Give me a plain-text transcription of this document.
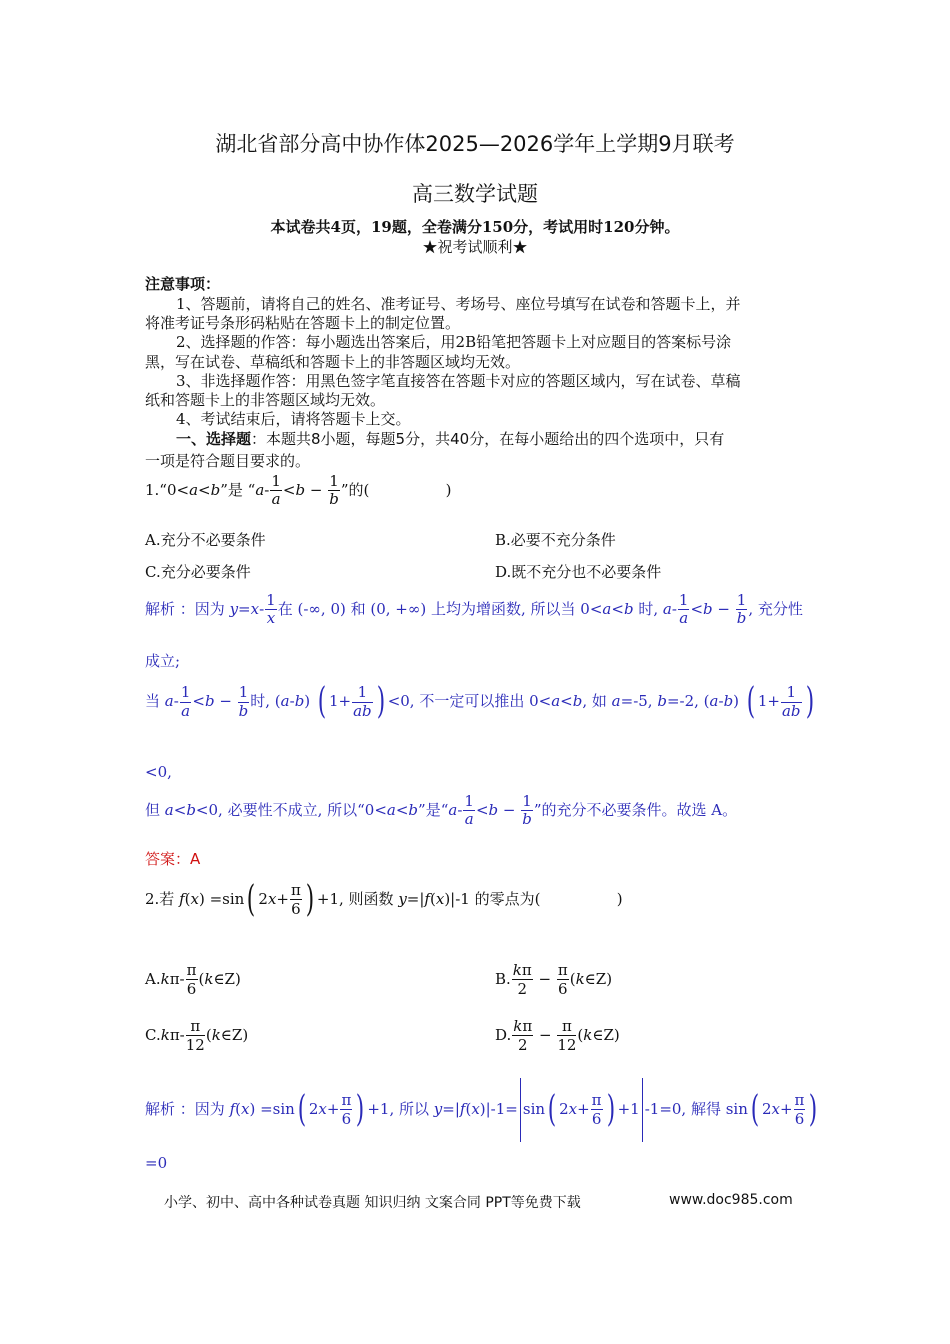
湖北省部分高中协作体2025—2026学年上学期9月联考
高三数学试题
本试卷共4页，19题，全卷满分150分，考试用时120分钟。
★祝考试顺利★
注意事项：
1、答题前，请将自己的姓名、准考证号、考场号、座位号填写在试卷和答题卡上，并
将准考证号条形码粘贴在答题卡上的制定位置。
2、选择题的作答：每小题选出答案后，用2B铅笔把答题卡上对应题目的答案标号涂
黑，写在试卷、草稿纸和答题卡上的非答题区域均无效。
3、非选择题作答：用黑色签字笔直接答在答题卡对应的答题区域内，写在试卷、草稿
纸和答题卡上的非答题区域均无效。
4、考试结束后，请将答题卡上交。
一、选择题：本题共8小题，每题5分，共40分，在每小题给出的四个选项中，只有
一项是符合题目要求的。
1.“0<a<b”是 “$a- \frac{1}{a} <b - \frac{1}{b}$ ”的(                )
A.充分不必要条件	B.必要不充分条件
C.充分必要条件	D.既不充分也不必要条件
解析 ：因为 $y=x- \frac{1}{x}$ 在 (-∞, 0) 和 (0, +∞) 上均为增函数, 所以当 0<a<b 时, $a- \frac{1}{a} <b - \frac{1}{b}$ , 充分性
成立;
当 $a- \frac{1}{a} <b - \frac{1}{b}$ 时, (a-b) ( $1+ \frac{1}{ab}$ ) <0, 不一定可以推出 0<a<b, 如 a=-5, b=-2, (a-b) ( $1+ \frac{1}{ab}$ )
<0,
但 a<b<0, 必要性不成立, 所以“0<a<b”是“$a- \frac{1}{a} <b - \frac{1}{b}$ ”的充分不必要条件。故选 A。
答案：A
2.若 f(x) =sin( 2x+
π
6 ) +1, 则函数 y=|f(x)|-1 的零点为(                )
A.kπ-
π
6(k∈Z)	B.
kπ
2 −
π
6(k∈Z)
C.kπ-
π
12(k∈Z)	D.
kπ
2 −
π
12(k∈Z)
解析 ：因为 f(x) =sin( 2x+
π
6 ) +1, 所以 y=|f(x)|-1= sin( 2x+
π
6 ) +1 -1=0, 解得 sin( 2x+
π
6 )
=0
小学、初中、高中各种试卷真题 知识归纳 文案合同 PPT等免费下载	www.doc985.com
